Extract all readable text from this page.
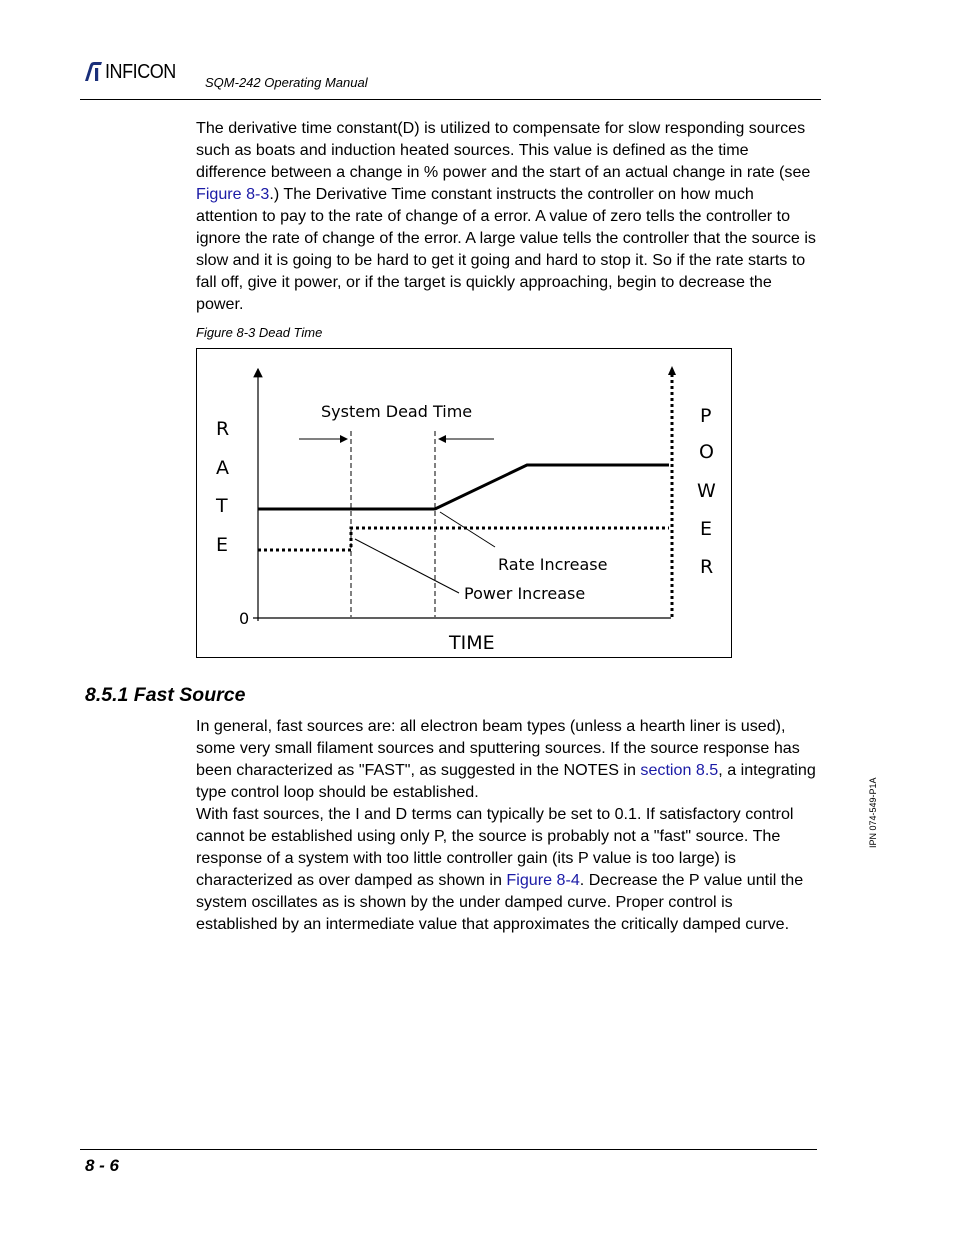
INFICON SQM-242 Operating Manual

The derivative time constant(D) is utilized to compensate for slow responding sources such as boats and induction heated sources. This value is defined as the time difference between a change in % power and the start of an actual change in rate (see Figure 8-3.) The Derivative Time constant instructs the controller on how much attention to pay to the rate of change of a error. A value of zero tells the controller to ignore the rate of change of the error. A large value tells the controller that the source is slow and it is going to be hard to get it going and hard to stop it. So if the rate starts to fall off, give it power, or if the target is quickly approaching, begin to decrease the power.

Figure 8-3 Dead Time
System Dead Time
Rate Increase
Power Increase
0
TIME
R
A
T
E
P
O
W
E
R
8.5.1 Fast Source

In general, fast sources are: all electron beam types (unless a hearth liner is used), some very small filament sources and sputtering sources. If the source response has been characterized as "FAST", as suggested in the NOTES in section 8.5, a integrating type control loop should be established.

With fast sources, the I and D terms can typically be set to 0.1. If satisfactory control cannot be established using only P, the source is probably not a "fast" source. The response of a system with too little controller gain (its P value is too large) is characterized as over damped as shown in Figure 8-4. Decrease the P value until the system oscillates as is shown by the under damped curve. Proper control is established by an intermediate value that approximates the critically damped curve.

IPN 074-549-P1A
8 - 6
